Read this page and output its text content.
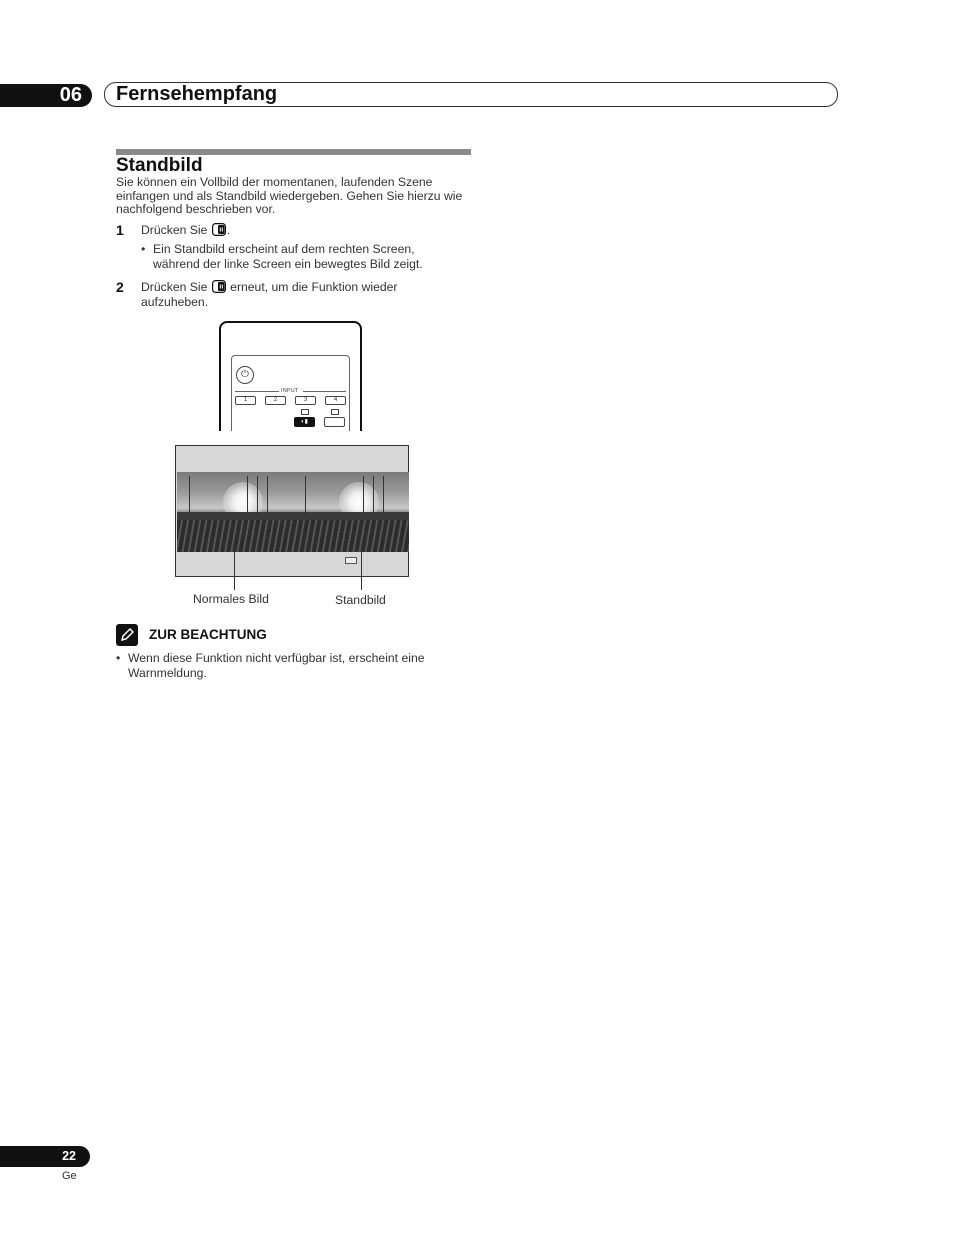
06 Fernsehempfang
Standbild
Sie können ein Vollbild der momentanen, laufenden Szene einfangen und als Standbild wiedergeben. Gehen Sie hierzu wie nachfolgend beschrieben vor.
1 Drücken Sie .
• Ein Standbild erscheint auf dem rechten Screen, während der linke Screen ein bewegtes Bild zeigt.
2 Drücken Sie  erneut, um die Funktion wieder aufzuheben.
⏻
INPUT
1	2	3	4
◐▮
Normales Bild	Standbild
ZUR BEACHTUNG
• Wenn diese Funktion nicht verfügbar ist, erscheint eine Warnmeldung.
22
Ge
